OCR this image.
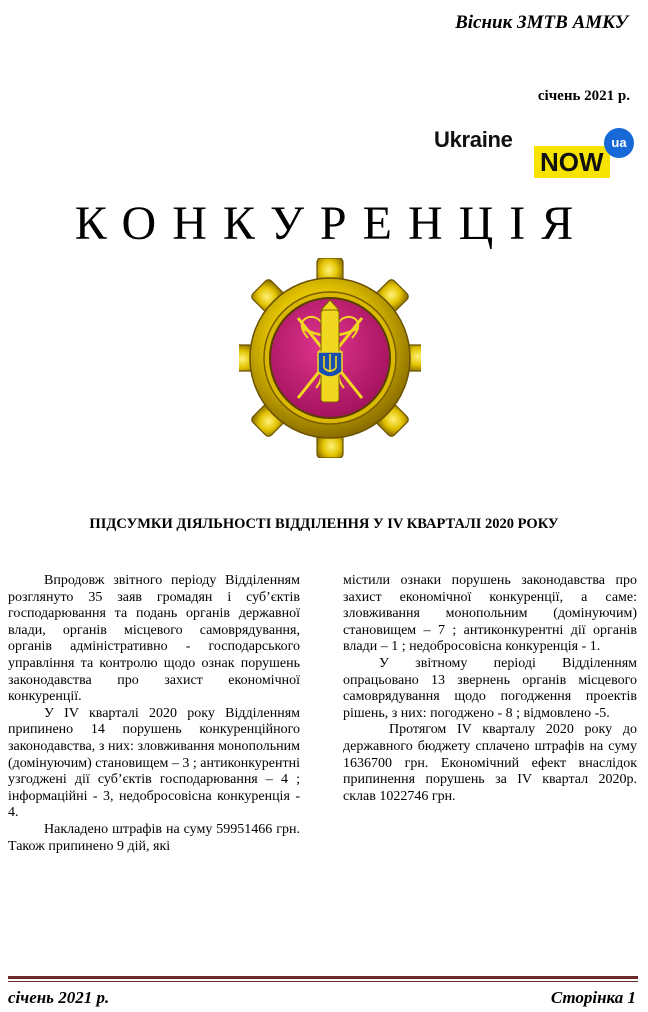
Вісник ЗМТВ АМКУ
січень 2021 р.
Ukraine
NOW
ua
КОНКУРЕНЦІЯ
ПІДСУМКИ ДІЯЛЬНОСТІ ВІДДІЛЕННЯ У IV КВАРТАЛІ 2020 РОКУ

Впродовж звітного періоду Відділенням розглянуто 35 заяв громадян і суб’єктів господарювання та подань органів державної влади, органів місцевого самоврядування, органів адміністративно - господарського управління та контролю щодо ознак порушень законодавства про захист економічної конкуренції.

У IV кварталі 2020 року Відділенням припинено 14 порушень конкуренційного законодавства, з них: зловживання монопольним (домінуючим) становищем – 3 ; антиконкурентні узгоджені дії суб’єктів господарювання – 4 ; інформаційні - 3, недобросовісна конкуренція - 4.

Накладено штрафів на суму 59951466 грн. Також припинено 9 дій, які

містили ознаки порушень законодавства про захист економічної конкуренції, а саме: зловживання монопольним (домінуючим) становищем – 7 ; антиконкурентні дії органів влади – 1 ; недобросовісна конкуренція - 1.

У звітному періоді Відділенням опрацьовано 13 звернень органів місцевого самоврядування щодо погодження проектів рішень, з них: погоджено - 8 ; відмовлено -5.

Протягом IV кварталу 2020 року до державного бюджету сплачено штрафів на суму 1636700 грн. Економічний ефект внаслідок припинення порушень за IV квартал 2020р. склав 1022746 грн.

січень 2021 р.	Сторінка 1
